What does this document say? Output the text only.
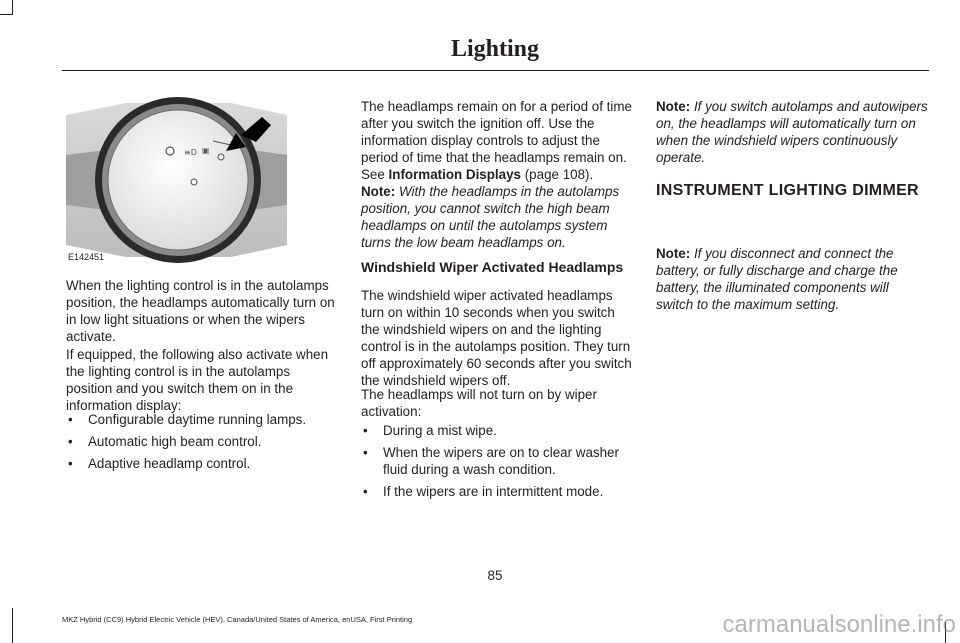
Lighting
≡D ▣
E142451

When the lighting control is in the autolamps position, the headlamps automatically turn on in low light situations or when the wipers activate.

If equipped, the following also activate when the lighting control is in the autolamps position and you switch them on in the information display:

• Configurable daytime running lamps.
• Automatic high beam control.
• Adaptive headlamp control.

The headlamps remain on for a period of time after you switch the ignition off. Use the information display controls to adjust the period of time that the headlamps remain on. See Information Displays (page 108).

Note: With the headlamps in the autolamps position, you cannot switch the high beam headlamps on until the autolamps system turns the low beam headlamps on.

Windshield Wiper Activated Headlamps

The windshield wiper activated headlamps turn on within 10 seconds when you switch the windshield wipers on and the lighting control is in the autolamps position. They turn off approximately 60 seconds after you switch the windshield wipers off.

The headlamps will not turn on by wiper activation:

• During a mist wipe.
• When the wipers are on to clear washer fluid during a wash condition.
• If the wipers are in intermittent mode.

Note: If you switch autolamps and autowipers on, the headlamps will automatically turn on when the windshield wipers continuously operate.

INSTRUMENT LIGHTING DIMMER

Note: If you disconnect and connect the battery, or fully discharge and charge the battery, the illuminated components will switch to the maximum setting.

85
MKZ Hybrid (CC9) Hybrid Electric Vehicle (HEV), Canada/United States of America, enUSA, First Printing	carmanualsonline.info
